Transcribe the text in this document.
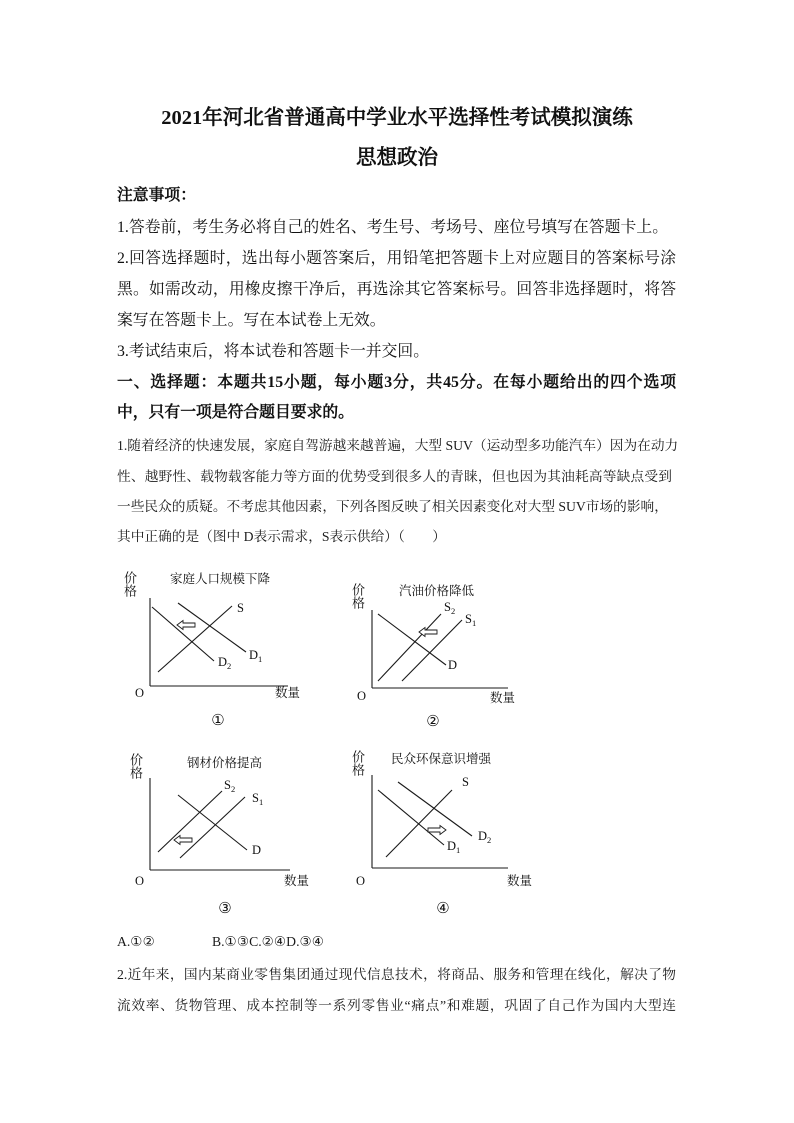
2021年河北省普通高中学业水平选择性考试模拟演练
思想政治
注意事项：
1.答卷前，考生务必将自己的姓名、考生号、考场号、座位号填写在答题卡上。
2.回答选择题时，选出每小题答案后，用铅笔把答题卡上对应题目的答案标号涂
黑。如需改动，用橡皮擦干净后，再选涂其它答案标号。回答非选择题时，将答
案写在答题卡上。写在本试卷上无效。
3.考试结束后，将本试卷和答题卡一并交回。
一、选择题：本题共15小题，每小题3分，共45分。在每小题给出的四个选项
中，只有一项是符合题目要求的。
1.随着经济的快速发展，家庭自驾游越来越普遍，大型 SUV（运动型多功能汽车）因为在动力
性、越野性、载物载客能力等方面的优势受到很多人的青睐，但也因为其油耗高等缺点受到
一些民众的质疑。不考虑其他因素，下列各图反映了相关因素变化对大型 SUV市场的影响，
其中正确的是（图中 D表示需求，S表示供给）（　　）
价格	价格
价格	价格
家庭人口规模下降
O	数量
S
$D_1$
$D_2$
①
汽油价格降低
O	数量
$S_2$
$S_1$
D
②
钢材价格提高
O	数量
$S_2$
$S_1$
D
③
民众环保意识增强
O	数量
S
$D_1$
$D_2$
④
A.①②	B.①③C.②④D.③④
2.近年来，国内某商业零售集团通过现代信息技术，将商品、服务和管理在线化，解决了物
流效率、货物管理、成本控制等一系列零售业“痛点”和难题，巩固了自己作为国内大型连
